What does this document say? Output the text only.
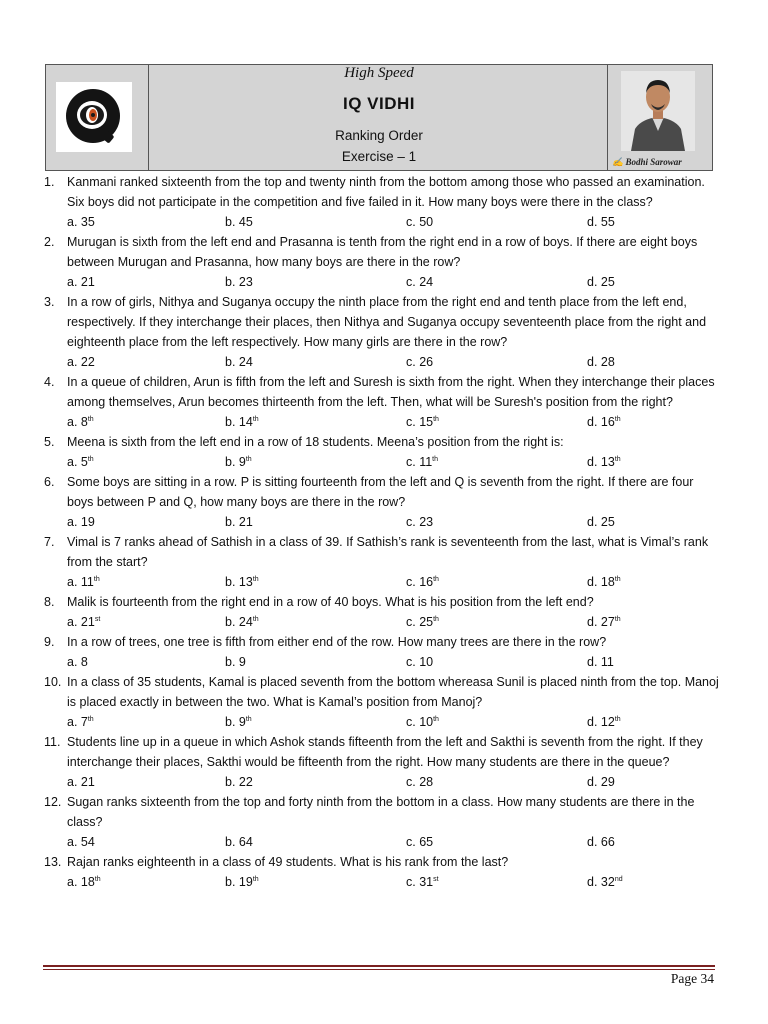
High Speed
IQ VIDHI
Ranking Order
Exercise – 1	✍ Bodhi Sarowar
1.	Kanmani ranked sixteenth from the top and twenty ninth from the bottom among those who passed an examination. Six boys did not participate in the competition and five failed in it. How many boys were there in the class?
a. 35	b. 45	c. 50	d. 55
2.	Murugan is sixth from the left end and Prasanna is tenth from the right end in a row of boys. If there are eight boys between Murugan and Prasanna, how many boys are there in the row?
a. 21	b. 23	c. 24	d. 25
3.	In a row of girls, Nithya and Suganya occupy the ninth place from the right end and tenth place from the left end, respectively. If they interchange their places, then Nithya and Suganya occupy seventeenth place from the right and eighteenth place from the left respectively. How many girls are there in the row?
a. 22	b. 24	c. 26	d. 28
4.	In a queue of children, Arun is fifth from the left and Suresh is sixth from the right. When they interchange their places among themselves, Arun becomes thirteenth from the left. Then, what will be Suresh's position from the right?
a. 8th	b. 14th	c. 15th	d. 16th
5.	Meena is sixth from the left end in a row of 18 students. Meena’s position from the right is:
a. 5th	b. 9th	c. 11th	d. 13th
6.	Some boys are sitting in a row. P is sitting fourteenth from the left and Q is seventh from the right. If there are four boys between P and Q, how many boys are there in the row?
a. 19	b. 21	c. 23	d. 25
7.	Vimal is 7 ranks ahead of Sathish in a class of 39. If Sathish’s rank is seventeenth from the last, what is Vimal’s rank from the start?
a. 11th	b. 13th	c. 16th	d. 18th
8.	Malik is fourteenth from the right end in a row of 40 boys. What is his position from the left end?
a. 21st	b. 24th	c. 25th	d. 27th
9.	In a row of trees, one tree is fifth from either end of the row. How many trees are there in the row?
a. 8	b. 9	c. 10	d. 11
10. In a class of 35 students, Kamal is placed seventh from the bottom whereasa Sunil is placed ninth from the top. Manoj is placed exactly in between the two. What is Kamal’s position from Manoj?
a. 7th	b. 9th	c. 10th	d. 12th
11. Students line up in a queue in which Ashok stands fifteenth from the left and Sakthi is seventh from the right. If they interchange their places, Sakthi would be fifteenth from the right. How many students are there in the queue?
a. 21	b. 22	c. 28	d. 29
12. Sugan ranks sixteenth from the top and forty ninth from the bottom in a class. How many students are there in the class?
a. 54	b. 64	c. 65	d. 66
13. Rajan ranks eighteenth in a class of 49 students. What is his rank from the last?
a. 18th	b. 19th	c. 31st	d. 32nd
Page 34
